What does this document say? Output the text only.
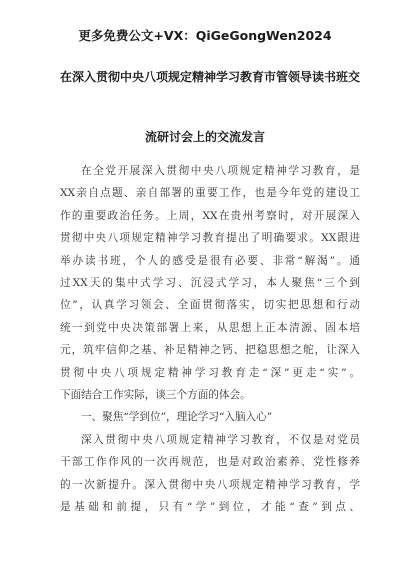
更多免费公文+VX：QiGeGongWen2024
在深入贯彻中央八项规定精神学习教育市管领导读书班交
流研讨会上的交流发言
在全党开展深入贯彻中央八项规定精神学习教育，是
XX亲自点题、亲自部署的重要工作，也是今年党的建设工
作的重要政治任务。上周，XX在贵州考察时，对开展深入
贯彻中央八项规定精神学习教育提出了明确要求。XX跟进
举办读书班，个人的感受是很有必要、非常“解渴”。通
过XX天的集中式学习、沉浸式学习，本人聚焦“三个到
位”，认真学习领会、全面贯彻落实，切实把思想和行动
统一到党中央决策部署上来，从思想上正本清源、固本培
元，筑牢信仰之基、补足精神之钙、把稳思想之舵，让深入
贯彻中央八项规定精神学习教育走“深”更走“实”。
下面结合工作实际，谈三个方面的体会。
一、聚焦“学到位”，理论学习“入脑入心”
深入贯彻中央八项规定精神学习教育，不仅是对党员
干部工作作风的一次再规范，也是对政治素养、党性修养
的一次新提升。深入贯彻中央八项规定精神学习教育，学
是基础和前提，只有“学”到位，才能“查”到点、
